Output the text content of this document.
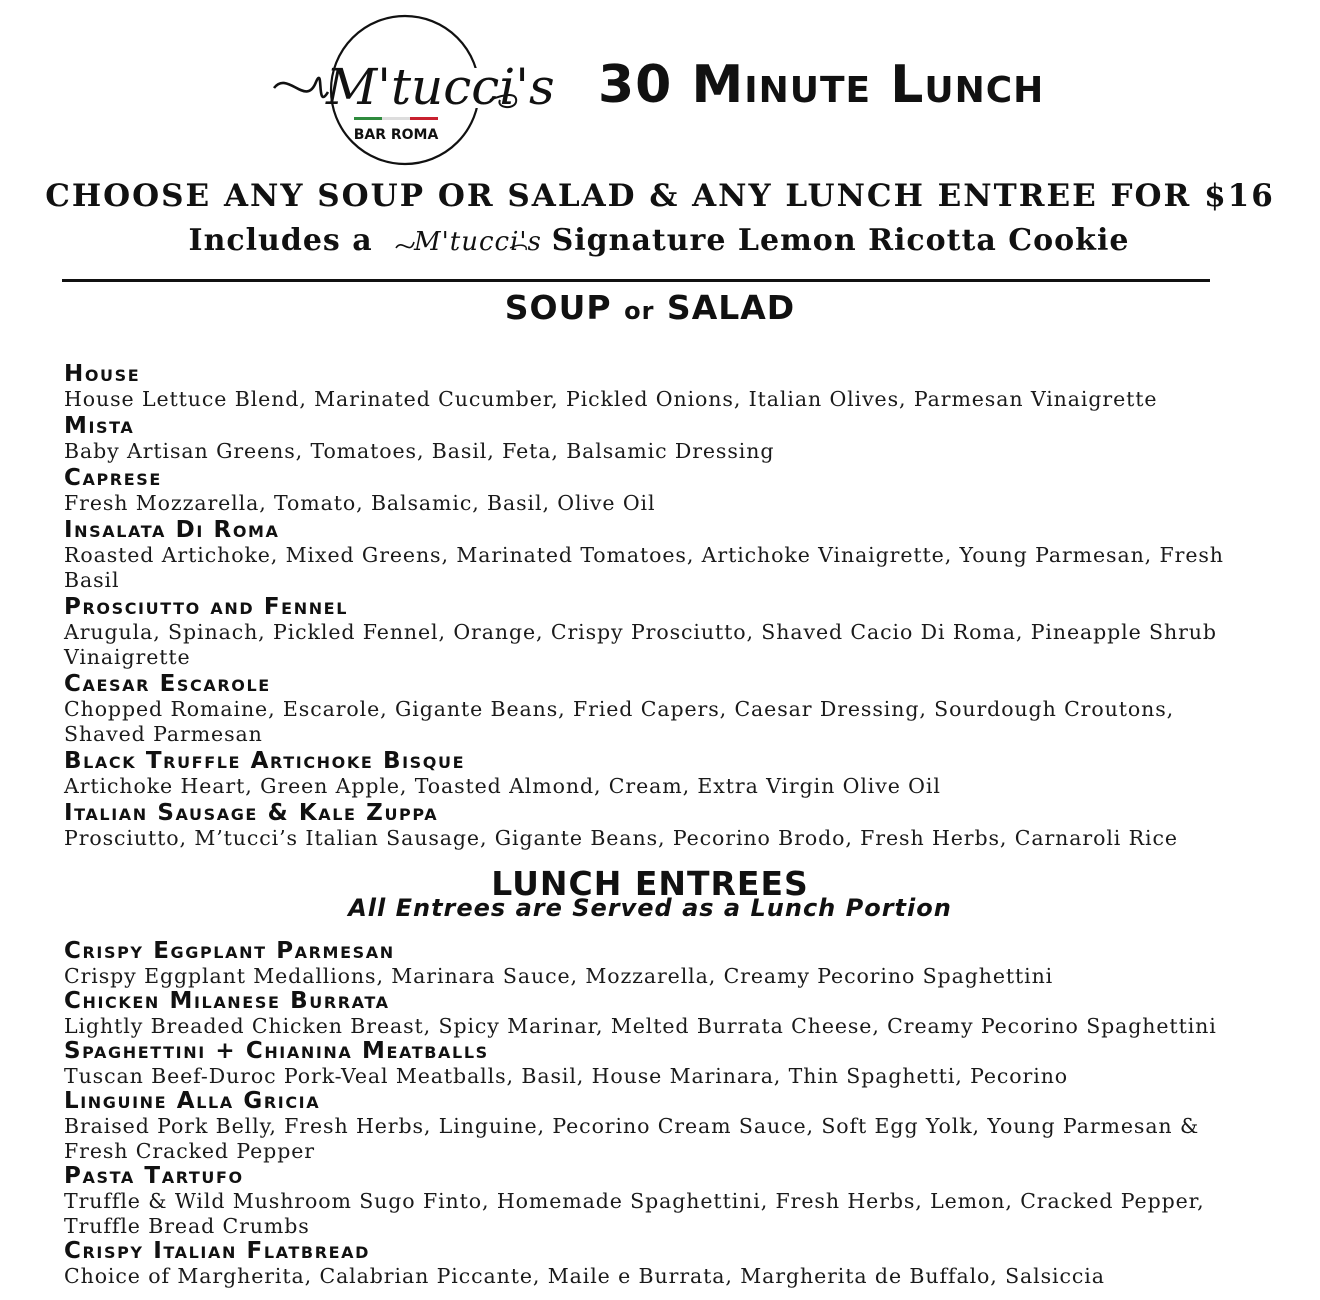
M'tucci's
BAR ROMA
30 Minute Lunch
CHOOSE ANY SOUP OR SALAD & ANY LUNCH ENTREE FOR $16
Includes a M'tucci's Signature Lemon Ricotta Cookie
SOUP or SALAD
House
House Lettuce Blend, Marinated Cucumber, Pickled Onions, Italian Olives, Parmesan Vinaigrette
Mista
Baby Artisan Greens, Tomatoes, Basil, Feta, Balsamic Dressing
Caprese
Fresh Mozzarella, Tomato, Balsamic, Basil, Olive Oil
Insalata Di Roma
Roasted Artichoke, Mixed Greens, Marinated Tomatoes, Artichoke Vinaigrette, Young Parmesan, Fresh Basil
Prosciutto and Fennel
Arugula, Spinach, Pickled Fennel, Orange, Crispy Prosciutto, Shaved Cacio Di Roma, Pineapple Shrub Vinaigrette
Caesar Escarole
Chopped Romaine, Escarole, Gigante Beans, Fried Capers, Caesar Dressing, Sourdough Croutons, Shaved Parmesan
Black Truffle Artichoke Bisque
Artichoke Heart, Green Apple, Toasted Almond, Cream, Extra Virgin Olive Oil
Italian Sausage & Kale Zuppa
Prosciutto, M’tucci’s Italian Sausage, Gigante Beans, Pecorino Brodo, Fresh Herbs, Carnaroli Rice
LUNCH ENTREES
All Entrees are Served as a Lunch Portion
Crispy Eggplant Parmesan
Crispy Eggplant Medallions, Marinara Sauce, Mozzarella, Creamy Pecorino Spaghettini
Chicken Milanese Burrata
Lightly Breaded Chicken Breast, Spicy Marinar, Melted Burrata Cheese, Creamy Pecorino Spaghettini
Spaghettini + Chianina Meatballs
Tuscan Beef-Duroc Pork-Veal Meatballs, Basil, House Marinara, Thin Spaghetti, Pecorino
Linguine Alla Gricia
Braised Pork Belly, Fresh Herbs, Linguine, Pecorino Cream Sauce, Soft Egg Yolk, Young Parmesan & Fresh Cracked Pepper
Pasta Tartufo
Truffle & Wild Mushroom Sugo Finto, Homemade Spaghettini, Fresh Herbs, Lemon, Cracked Pepper, Truffle Bread Crumbs
Crispy Italian Flatbread
Choice of Margherita, Calabrian Piccante, Maile e Burrata, Margherita de Buffalo, Salsiccia
